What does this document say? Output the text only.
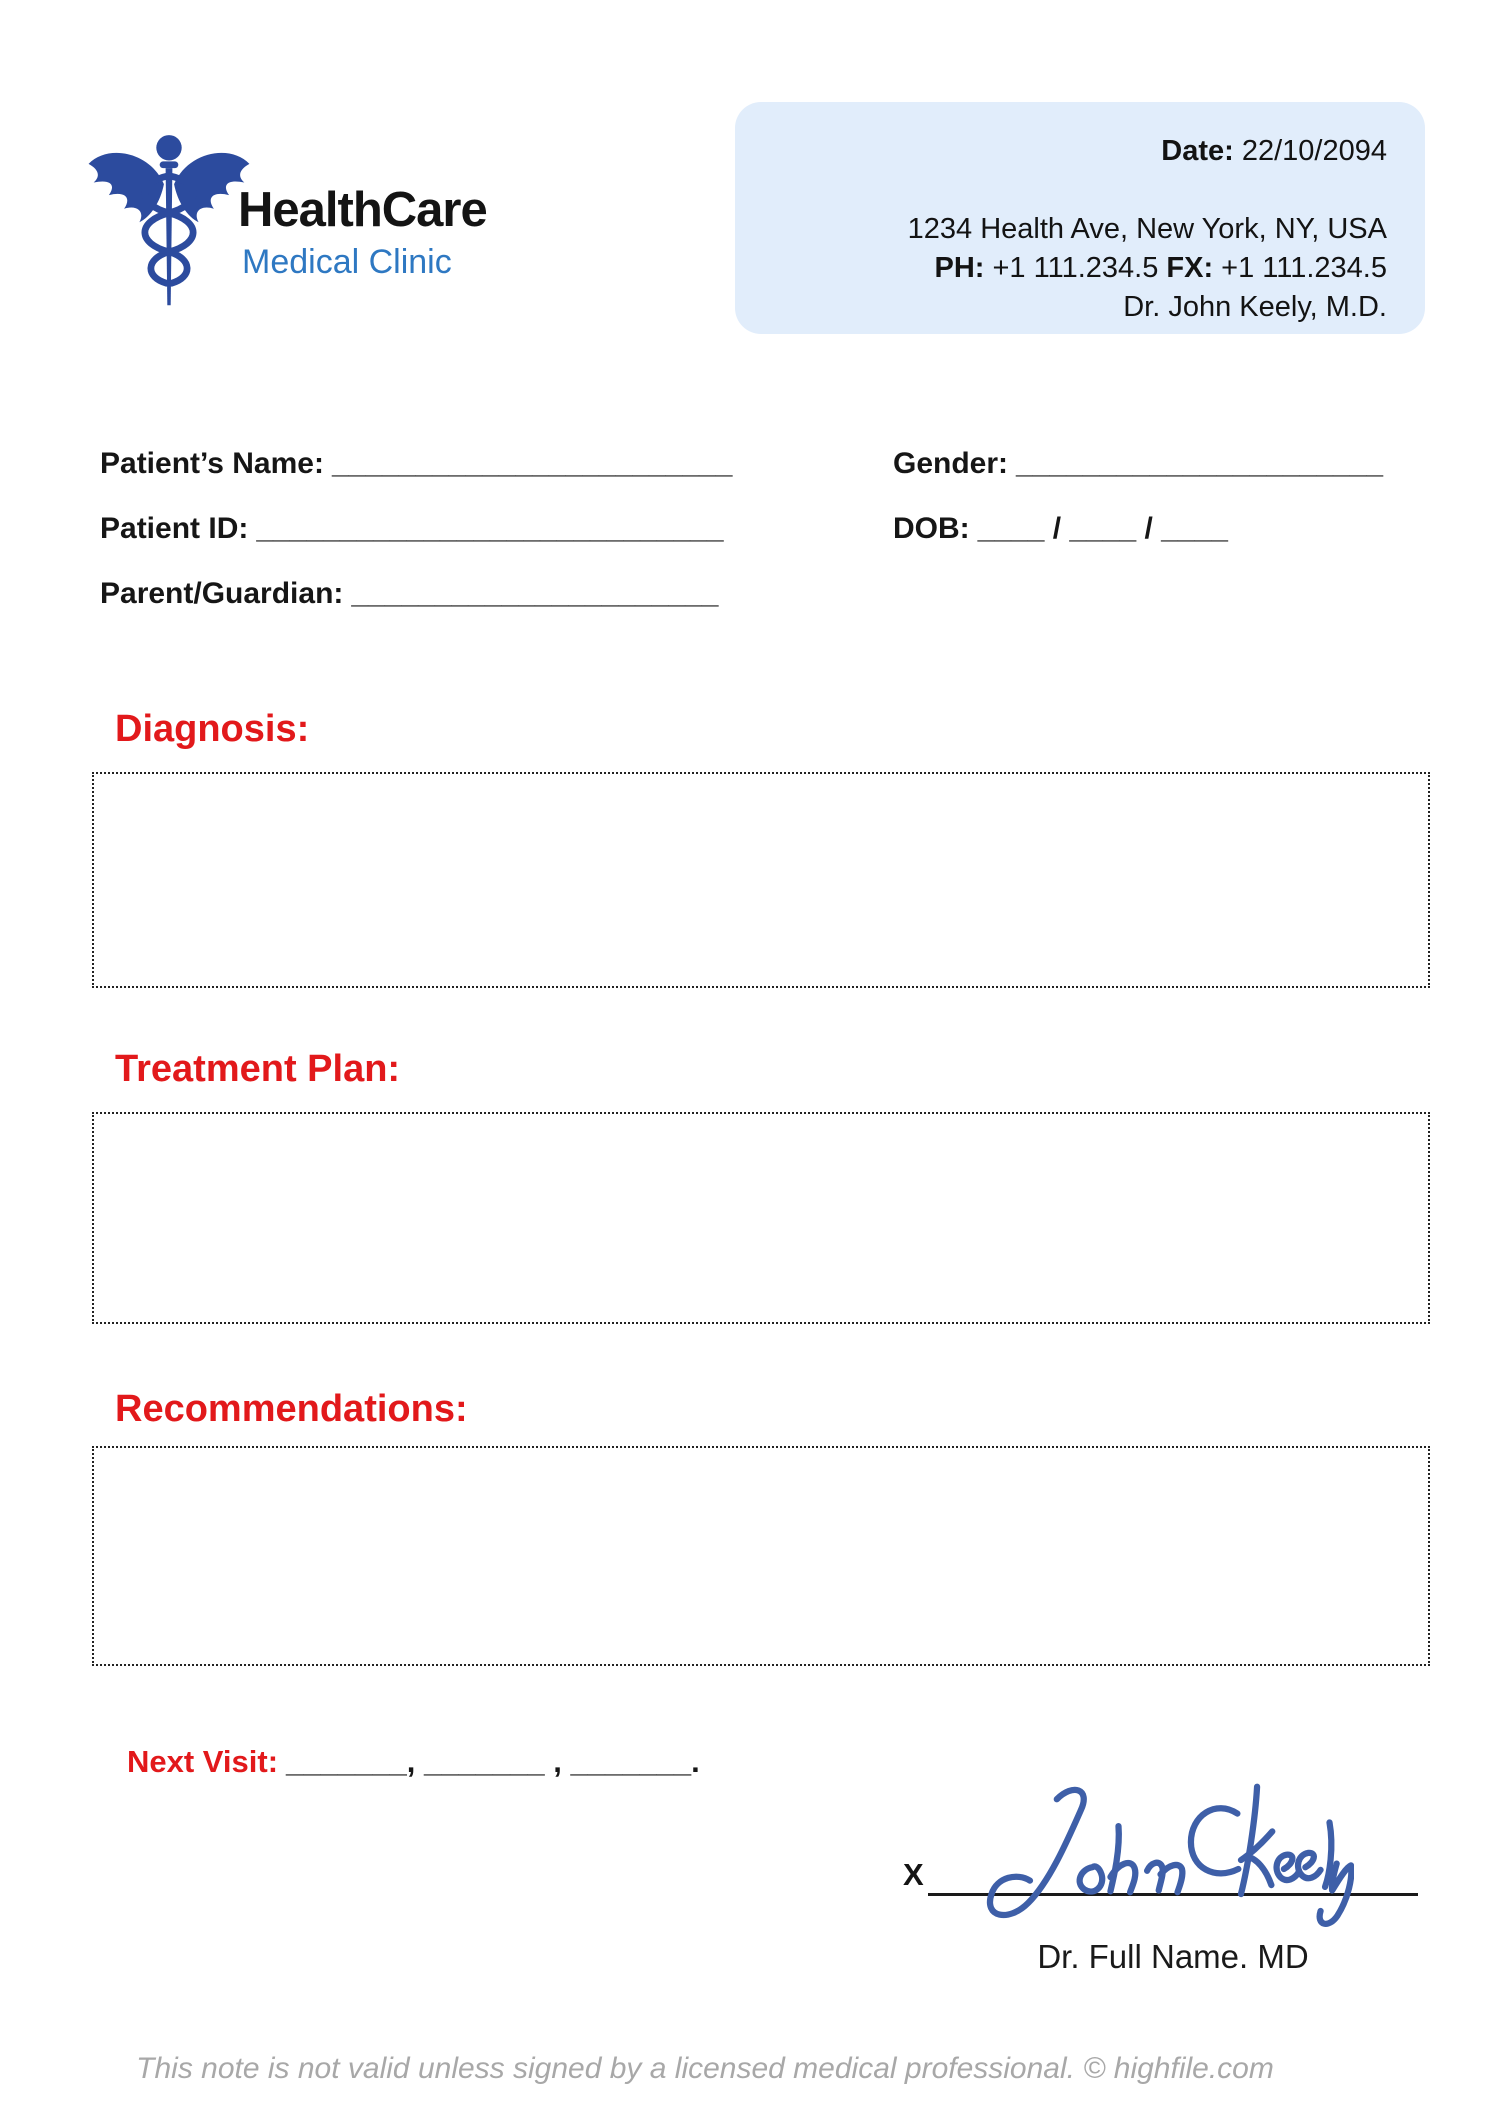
HealthCare
Medical Clinic
Date: 22/10/2094
1234 Health Ave, New York, NY, USA
PH: +1 111.234.5 FX: +1 111.234.5
Dr. John Keely, M.D.
Patient’s Name: ________________________	Gender: ______________________
Patient ID: ____________________________	DOB: ____ / ____ / ____
Parent/Guardian: ______________________
Diagnosis:
Treatment Plan:
Recommendations:
Next Visit: _______, _______ , _______.
X
Dr. Full Name. MD
This note is not valid unless signed by a licensed medical professional. © highfile.com
